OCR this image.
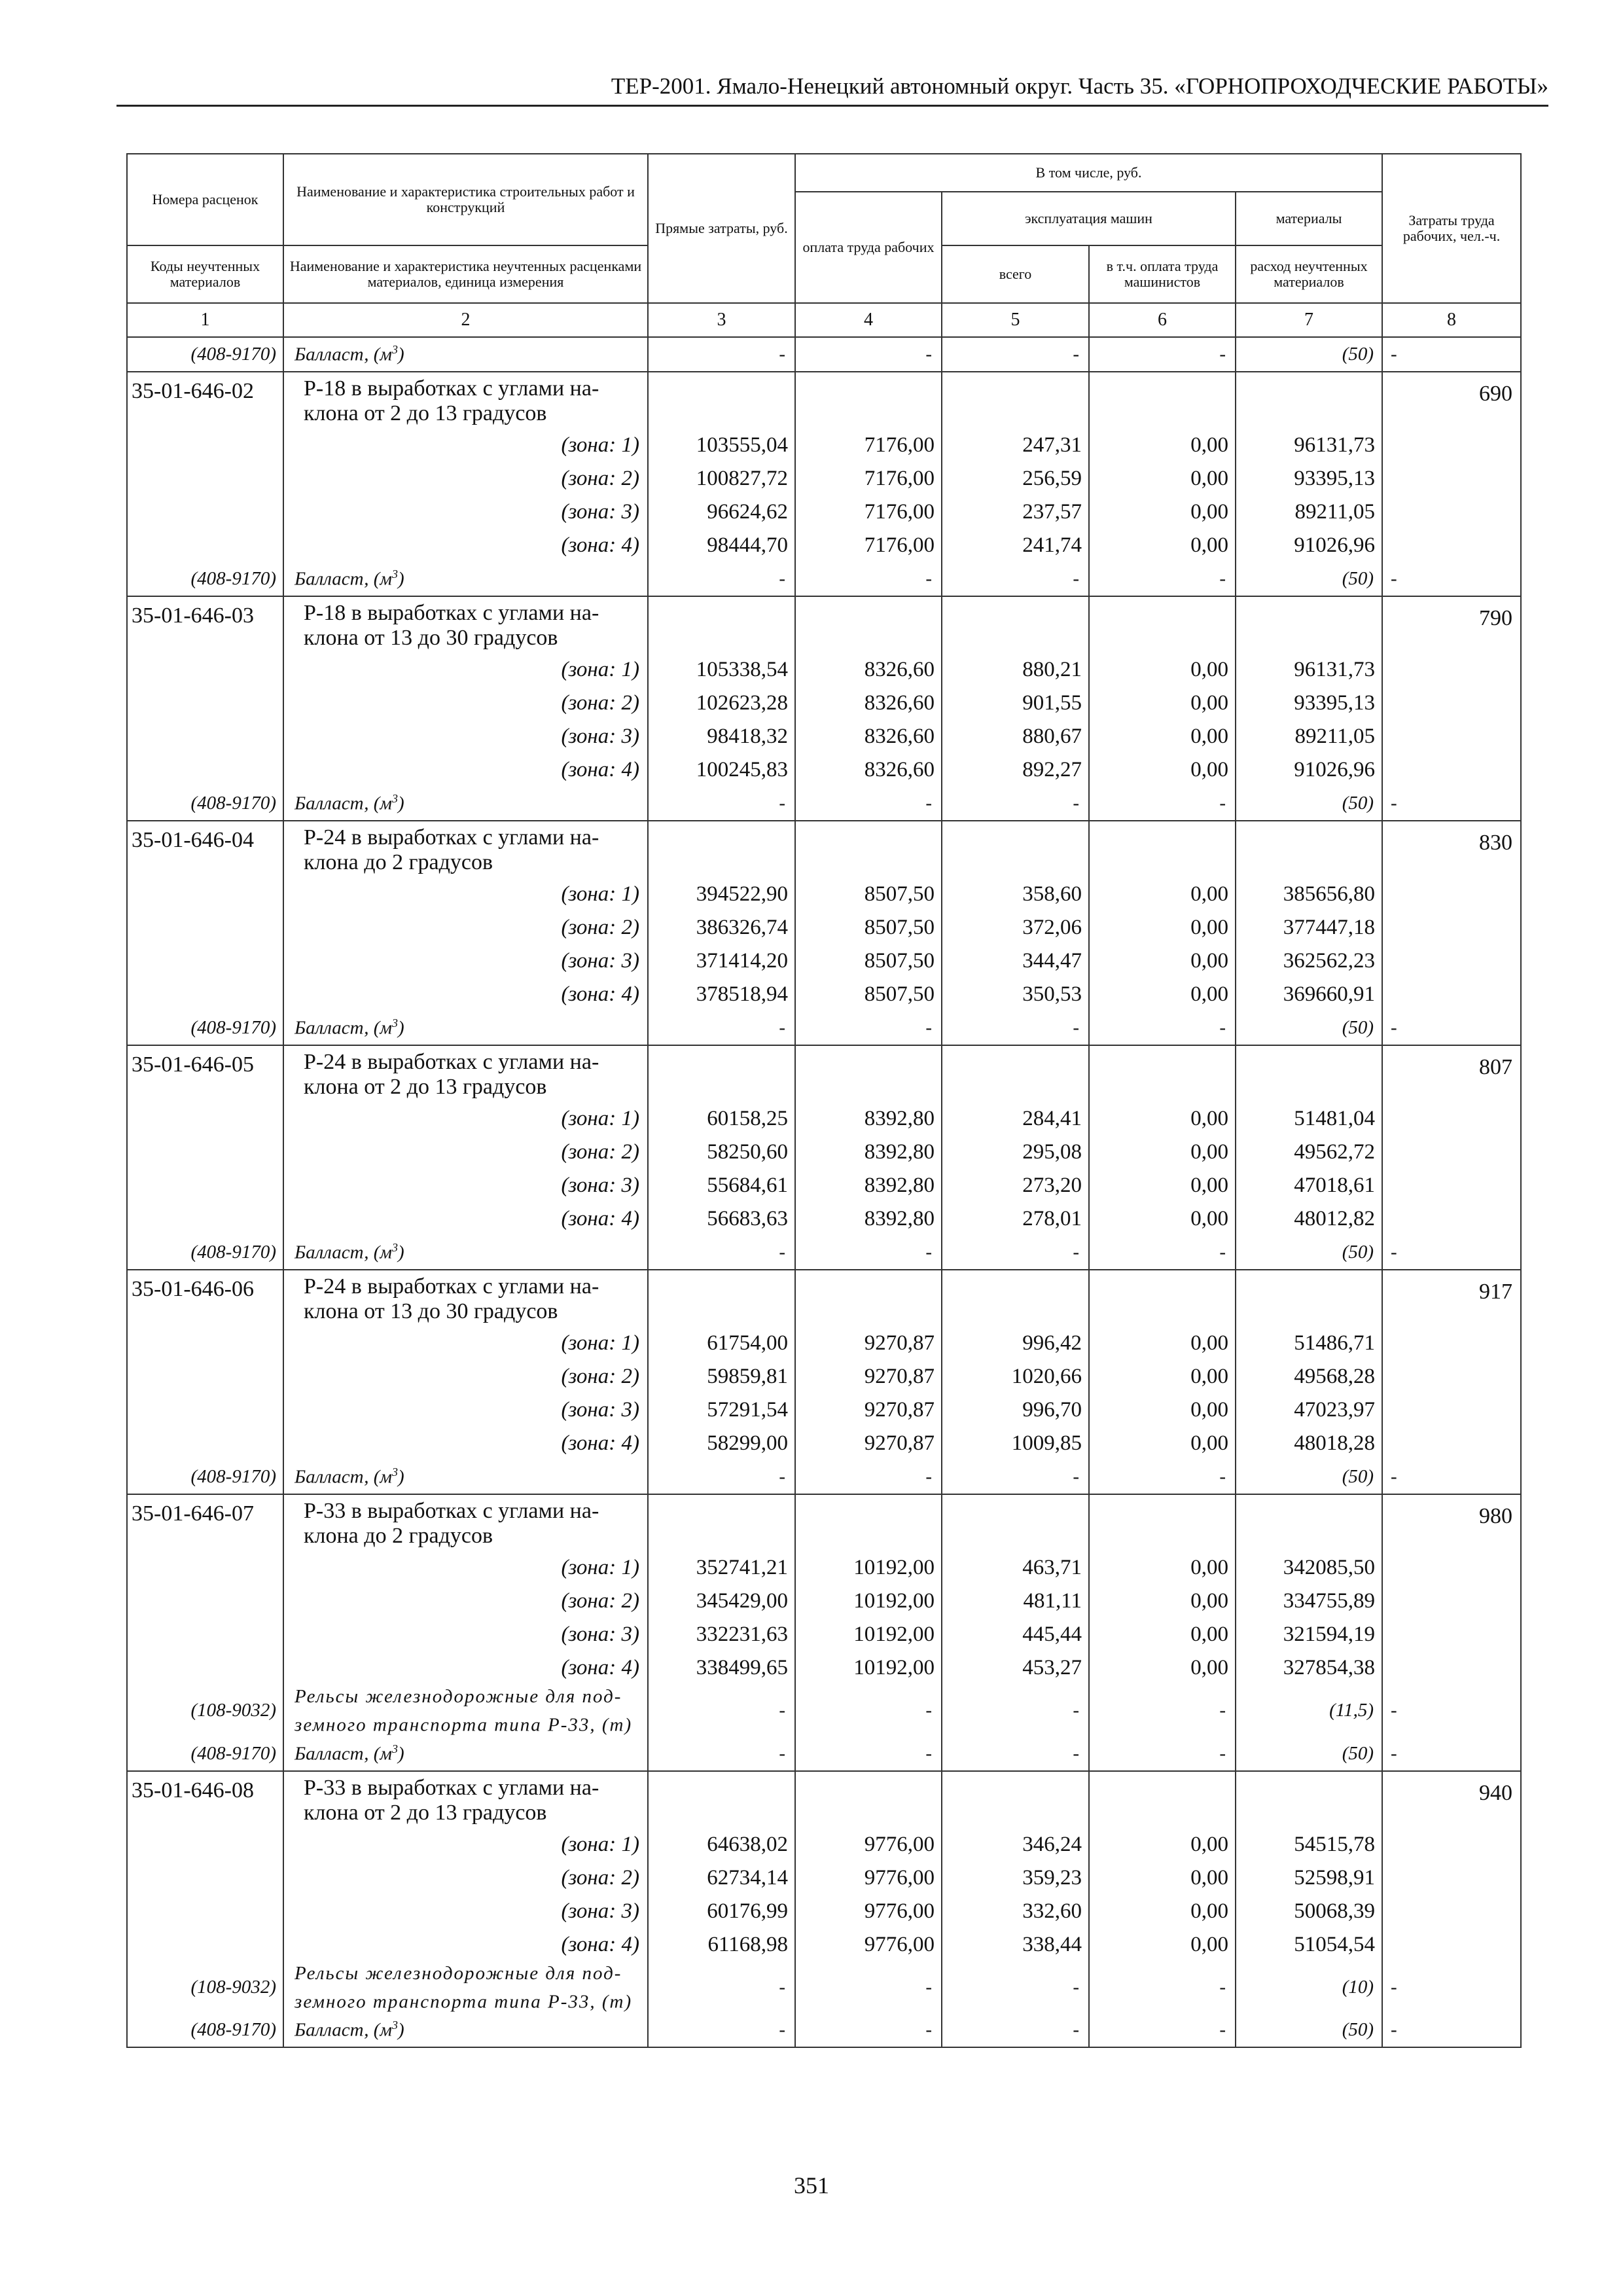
ТЕР-2001. Ямало-Ненецкий автономный округ. Часть 35. «ГОРНОПРОХОДЧЕСКИЕ РАБОТЫ»
Номера расценок	Наименование и характеристика строительных работ и конструкций	Прямые затраты, руб.	В том числе, руб.				Затраты труда рабочих, чел.-ч.
			оплата труда рабочих	эксплуатация машин		материалы	
Коды неучтенных материалов	Наименование и характеристика неучтенных расценками материалов, единица измерения			всего	в т.ч. оплата труда машинистов	расход неучтенных материалов	
1	2	3	4	5	6	7	8
(408-9170)	Балласт, $(м^3)$	-	-	-	-	(50)	-
35-01-646-02	Р-18 в выработках с углами на-клона от 2 до 13 градусов						690
	(зона: 1)	103555,04	7176,00	247,31	0,00	96131,73	
	(зона: 2)	100827,72	7176,00	256,59	0,00	93395,13	
	(зона: 3)	96624,62	7176,00	237,57	0,00	89211,05	
	(зона: 4)	98444,70	7176,00	241,74	0,00	91026,96	
(408-9170)	Балласт, $(м^3)$	-	-	-	-	(50)	-
35-01-646-03	Р-18 в выработках с углами на-клона от 13 до 30 градусов						790
	(зона: 1)	105338,54	8326,60	880,21	0,00	96131,73	
	(зона: 2)	102623,28	8326,60	901,55	0,00	93395,13	
	(зона: 3)	98418,32	8326,60	880,67	0,00	89211,05	
	(зона: 4)	100245,83	8326,60	892,27	0,00	91026,96	
(408-9170)	Балласт, $(м^3)$	-	-	-	-	(50)	-
35-01-646-04	Р-24 в выработках с углами на-клона до 2 градусов						830
	(зона: 1)	394522,90	8507,50	358,60	0,00	385656,80	
	(зона: 2)	386326,74	8507,50	372,06	0,00	377447,18	
	(зона: 3)	371414,20	8507,50	344,47	0,00	362562,23	
	(зона: 4)	378518,94	8507,50	350,53	0,00	369660,91	
(408-9170)	Балласт, $(м^3)$	-	-	-	-	(50)	-
35-01-646-05	Р-24 в выработках с углами на-клона от 2 до 13 градусов						807
	(зона: 1)	60158,25	8392,80	284,41	0,00	51481,04	
	(зона: 2)	58250,60	8392,80	295,08	0,00	49562,72	
	(зона: 3)	55684,61	8392,80	273,20	0,00	47018,61	
	(зона: 4)	56683,63	8392,80	278,01	0,00	48012,82	
(408-9170)	Балласт, $(м^3)$	-	-	-	-	(50)	-
35-01-646-06	Р-24 в выработках с углами на-клона от 13 до 30 градусов						917
	(зона: 1)	61754,00	9270,87	996,42	0,00	51486,71	
	(зона: 2)	59859,81	9270,87	1020,66	0,00	49568,28	
	(зона: 3)	57291,54	9270,87	996,70	0,00	47023,97	
	(зона: 4)	58299,00	9270,87	1009,85	0,00	48018,28	
(408-9170)	Балласт, $(м^3)$	-	-	-	-	(50)	-
35-01-646-07	Р-33 в выработках с углами на-клона до 2 градусов						980
	(зона: 1)	352741,21	10192,00	463,71	0,00	342085,50	
	(зона: 2)	345429,00	10192,00	481,11	0,00	334755,89	
	(зона: 3)	332231,63	10192,00	445,44	0,00	321594,19	
	(зона: 4)	338499,65	10192,00	453,27	0,00	327854,38	
(108-9032)	Рельсы железнодорожные для под-земного транспорта типа Р-33, (т)	-	-	-	-	(11,5)	-
(408-9170)	Балласт, $(м^3)$	-	-	-	-	(50)	-
35-01-646-08	Р-33 в выработках с углами на-клона от 2 до 13 градусов						940
	(зона: 1)	64638,02	9776,00	346,24	0,00	54515,78	
	(зона: 2)	62734,14	9776,00	359,23	0,00	52598,91	
	(зона: 3)	60176,99	9776,00	332,60	0,00	50068,39	
	(зона: 4)	61168,98	9776,00	338,44	0,00	51054,54	
(108-9032)	Рельсы железнодорожные для под-земного транспорта типа Р-33, (т)	-	-	-	-	(10)	-
(408-9170)	Балласт, $(м^3)$	-	-	-	-	(50)	-
351
